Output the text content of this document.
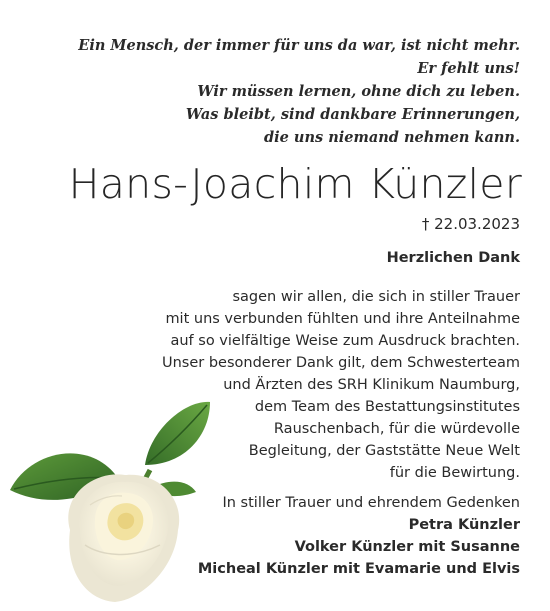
Ein Mensch, der immer für uns da war, ist nicht mehr.
Er fehlt uns!
Wir müssen lernen, ohne dich zu leben.
Was bleibt, sind dankbare Erinnerungen,
die uns niemand nehmen kann.
Hans-Joachim Künzler
† 22.03.2023
Herzlichen Dank
sagen wir allen, die sich in stiller Trauer
mit uns verbunden fühlten und ihre Anteilnahme
auf so vielfältige Weise zum Ausdruck brachten.
Unser besonderer Dank gilt, dem Schwesterteam
und Ärzten des SRH Klinikum Naumburg,
dem Team des Bestattungsinstitutes
Rauschenbach, für die würdevolle
Begleitung, der Gaststätte Neue Welt
für die Bewirtung.
In stiller Trauer und ehrendem Gedenken
Petra Künzler
Volker Künzler mit Susanne
Micheal Künzler mit Evamarie und Elvis
